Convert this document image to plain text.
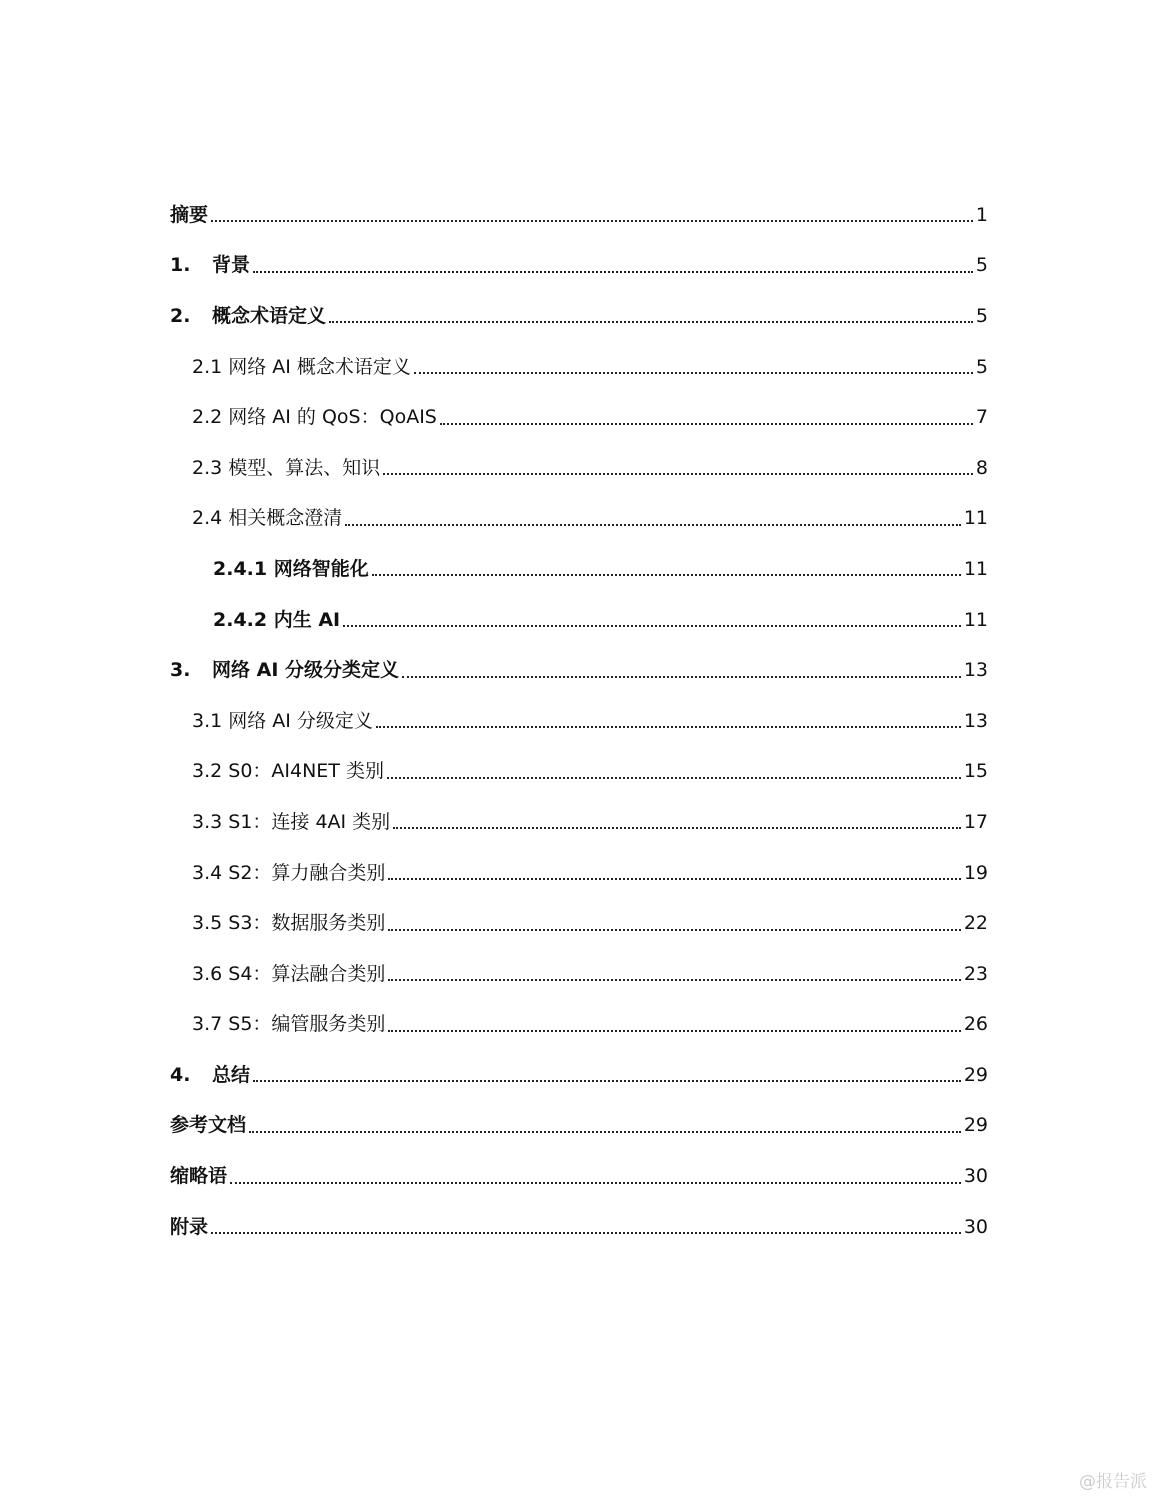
摘要	1
1.	背景	5
2.	概念术语定义	5
2.1 网络 AI 概念术语定义	5
2.2 网络 AI 的 QoS：QoAIS	7
2.3 模型、算法、知识	8
2.4 相关概念澄清	11
2.4.1 网络智能化	11
2.4.2 内生 AI	11
3.	网络 AI 分级分类定义	13
3.1 网络 AI 分级定义	13
3.2 S0：AI4NET 类别	15
3.3 S1：连接 4AI 类别	17
3.4 S2：算力融合类别	19
3.5 S3：数据服务类别	22
3.6 S4：算法融合类别	23
3.7 S5：编管服务类别	26
4.	总结	29
参考文档	29
缩略语	30
附录	30
@报告派
